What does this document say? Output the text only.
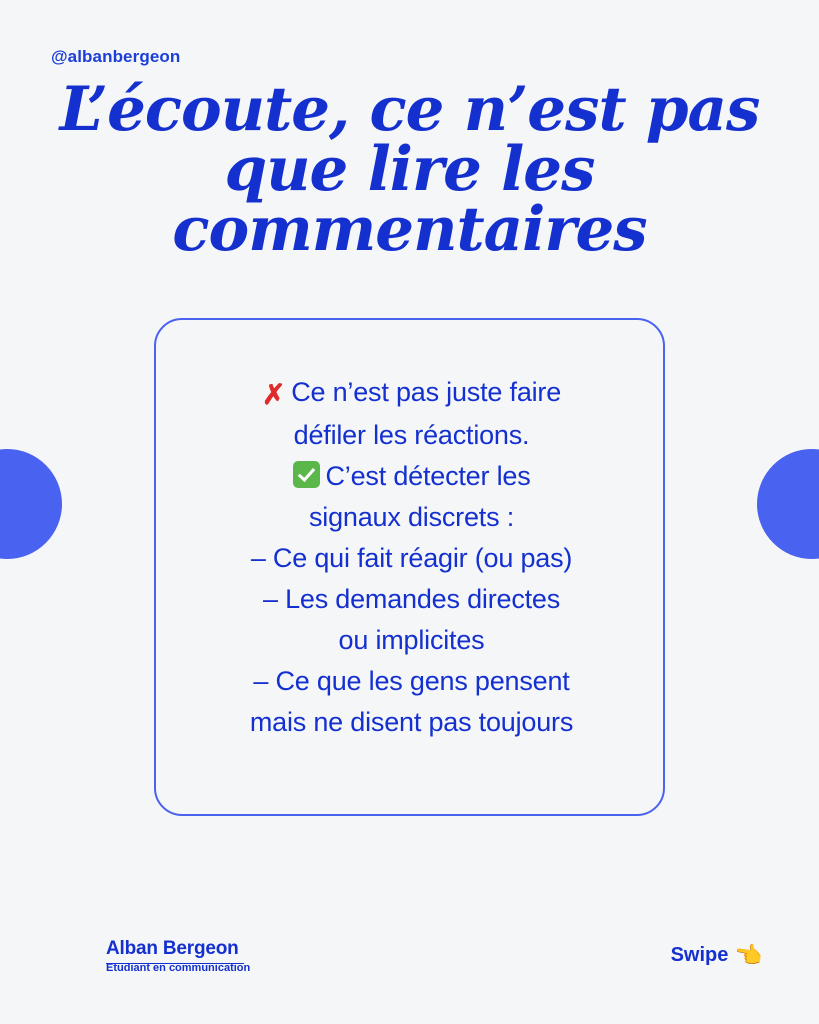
@albanbergeon
L’écoute, ce n’est pas
que lire les
commentaires
✗ Ce n’est pas juste faire
défiler les réactions.
C’est détecter les
signaux discrets :
– Ce qui fait réagir (ou pas)
– Les demandes directes
ou implicites
– Ce que les gens pensent
mais ne disent pas toujours
Alban Bergeon
Etudiant en communication
Swipe 👈
